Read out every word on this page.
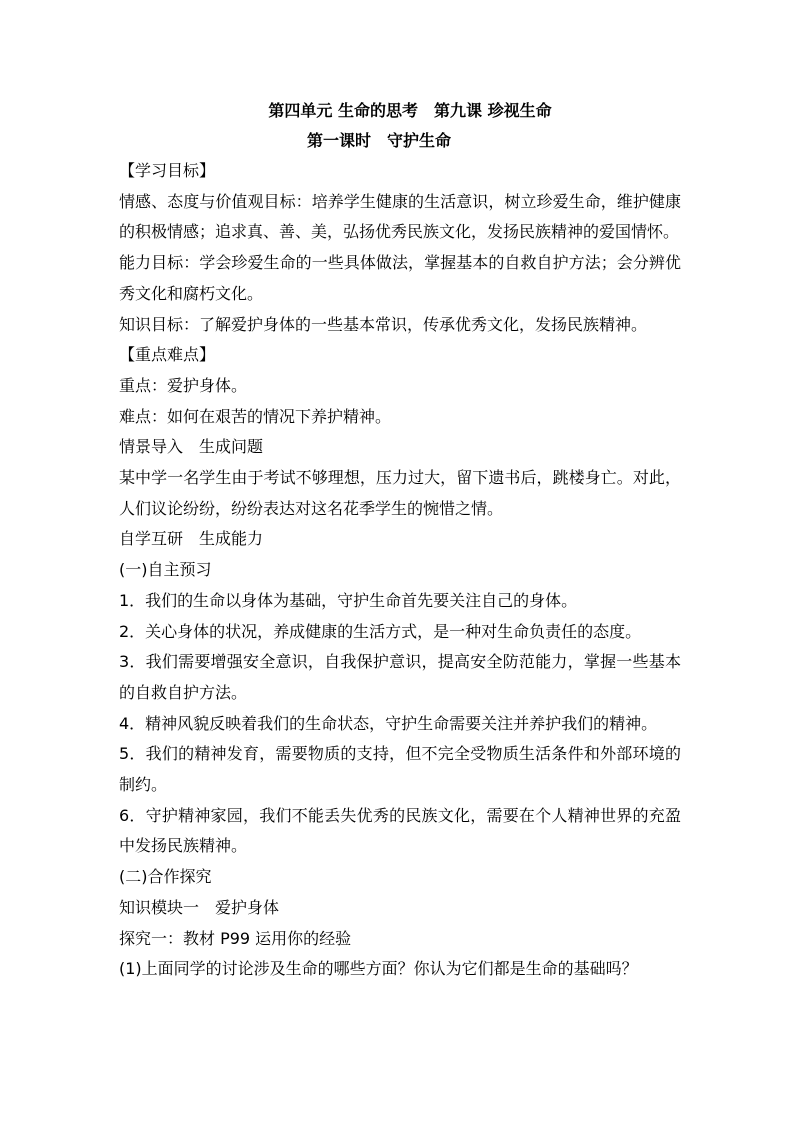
第四单元 生命的思考　第九课 珍视生命
第一课时　守护生命
【学习目标】
情感、态度与价值观目标：培养学生健康的生活意识，树立珍爱生命，维护健康的积极情感；追求真、善、美，弘扬优秀民族文化，发扬民族精神的爱国情怀。
能力目标：学会珍爱生命的一些具体做法，掌握基本的自救自护方法；会分辨优秀文化和腐朽文化。
知识目标：了解爱护身体的一些基本常识，传承优秀文化，发扬民族精神。
【重点难点】
重点：爱护身体。
难点：如何在艰苦的情况下养护精神。
情景导入　生成问题
某中学一名学生由于考试不够理想，压力过大，留下遗书后，跳楼身亡。对此，人们议论纷纷，纷纷表达对这名花季学生的惋惜之情。
自学互研　生成能力
(一)自主预习
1．我们的生命以身体为基础，守护生命首先要关注自己的身体。
2．关心身体的状况，养成健康的生活方式，是一种对生命负责任的态度。
3．我们需要增强安全意识，自我保护意识，提高安全防范能力，掌握一些基本的自救自护方法。
4．精神风貌反映着我们的生命状态，守护生命需要关注并养护我们的精神。
5．我们的精神发育，需要物质的支持，但不完全受物质生活条件和外部环境的制约。
6．守护精神家园，我们不能丢失优秀的民族文化，需要在个人精神世界的充盈中发扬民族精神。
(二)合作探究
知识模块一　爱护身体
探究一：教材 P99 运用你的经验
(1)上面同学的讨论涉及生命的哪些方面？你认为它们都是生命的基础吗？
